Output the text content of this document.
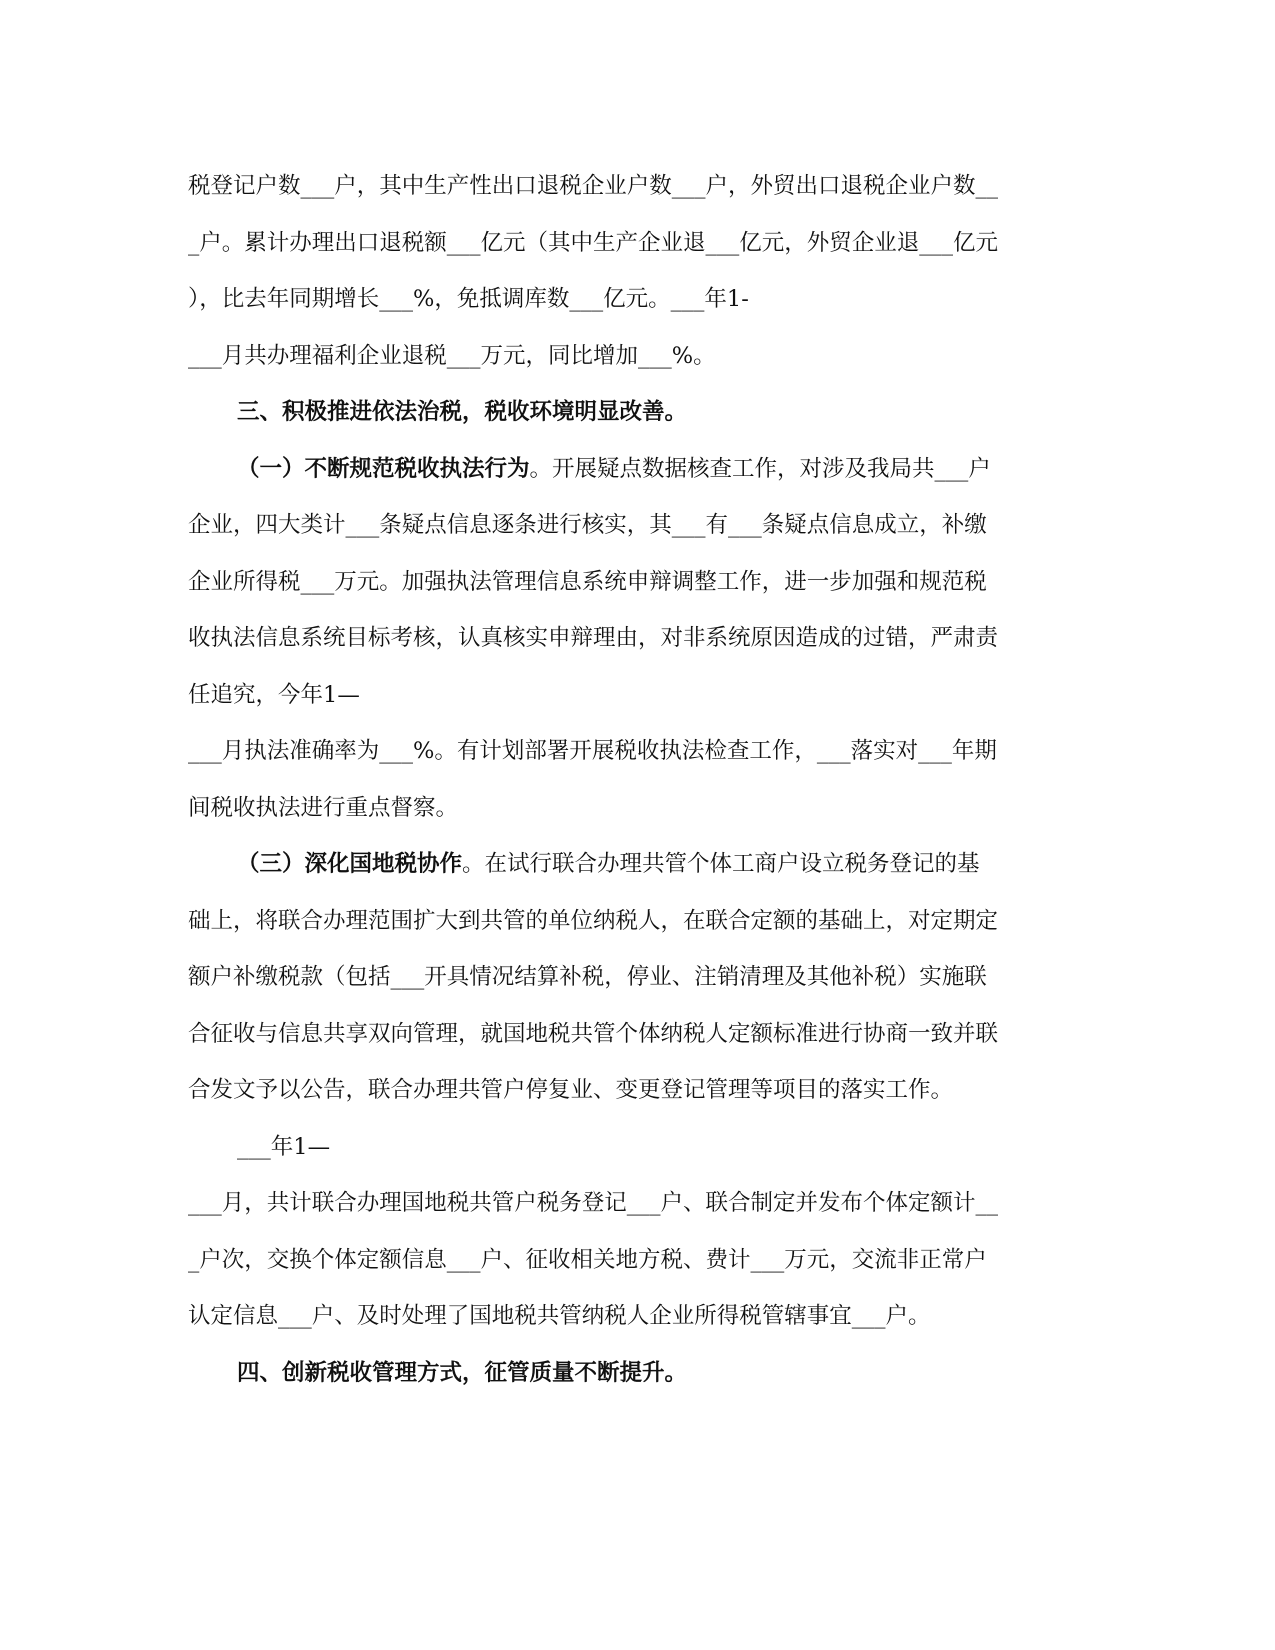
税登记户数___户，其中生产性出口退税企业户数___户，外贸出口退税企业户数__
_户。累计办理出口退税额___亿元（其中生产企业退___亿元，外贸企业退___亿元
），比去年同期增长___%，免抵调库数___亿元。___年1-
___月共办理福利企业退税___万元，同比增加___%。
三、积极推进依法治税，税收环境明显改善。
（一）不断规范税收执法行为。开展疑点数据核查工作，对涉及我局共___户
企业，四大类计___条疑点信息逐条进行核实，其___有___条疑点信息成立，补缴
企业所得税___万元。加强执法管理信息系统申辩调整工作，进一步加强和规范税
收执法信息系统目标考核，认真核实申辩理由，对非系统原因造成的过错，严肃责
任追究，今年1—
___月执法准确率为___%。有计划部署开展税收执法检查工作，___落实对___年期
间税收执法进行重点督察。
（三）深化国地税协作。在试行联合办理共管个体工商户设立税务登记的基
础上，将联合办理范围扩大到共管的单位纳税人，在联合定额的基础上，对定期定
额户补缴税款（包括___开具情况结算补税，停业、注销清理及其他补税）实施联
合征收与信息共享双向管理，就国地税共管个体纳税人定额标准进行协商一致并联
合发文予以公告，联合办理共管户停复业、变更登记管理等项目的落实工作。
___年1—
___月，共计联合办理国地税共管户税务登记___户、联合制定并发布个体定额计__
_户次，交换个体定额信息___户、征收相关地方税、费计___万元，交流非正常户
认定信息___户、及时处理了国地税共管纳税人企业所得税管辖事宜___户。
四、创新税收管理方式，征管质量不断提升。
